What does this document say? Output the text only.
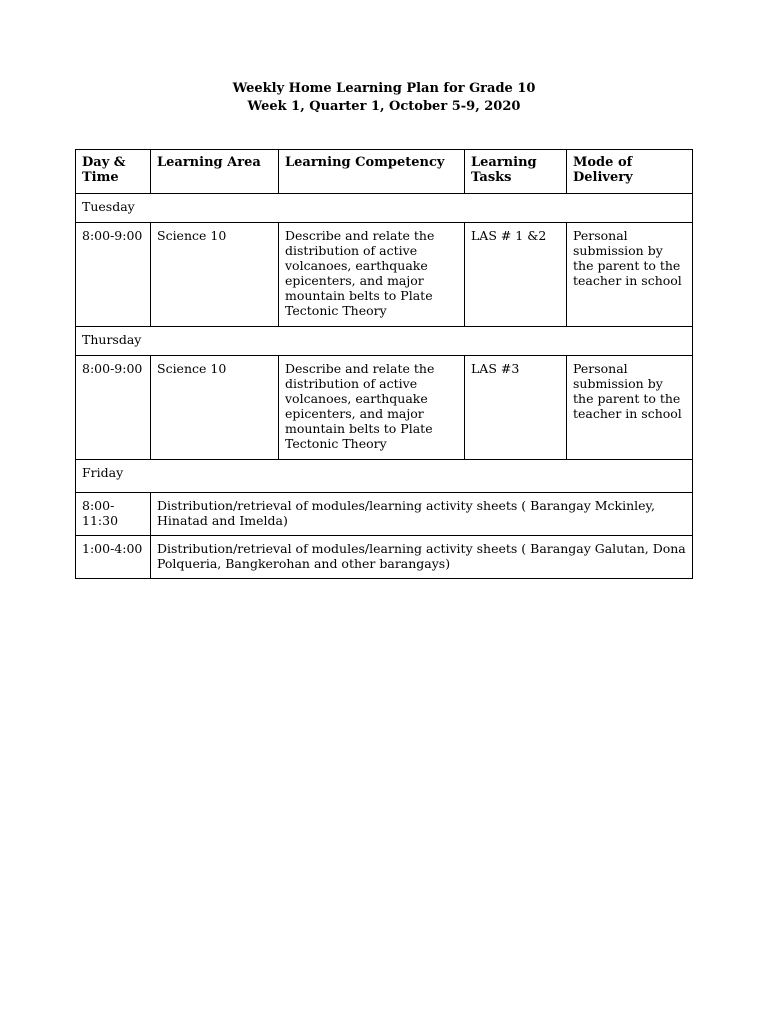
Weekly Home Learning Plan for Grade 10
Week 1, Quarter 1, October 5-9, 2020
Day & Time	Learning Area	Learning Competency	Learning Tasks	Mode of Delivery
Tuesday				
8:00-9:00	Science 10	Describe and relate the distribution of active volcanoes, earthquake epicenters, and major mountain belts to Plate Tectonic Theory	LAS # 1 &2	Personal submission by the parent to the teacher in school
Thursday				
8:00-9:00	Science 10	Describe and relate the distribution of active volcanoes, earthquake epicenters, and major mountain belts to Plate Tectonic Theory	LAS #3	Personal submission by the parent to the teacher in school
Friday				
8:00-11:30	Distribution/retrieval of modules/learning activity sheets ( Barangay Mckinley, Hinatad and Imelda)			
1:00-4:00	Distribution/retrieval of modules/learning activity sheets ( Barangay Galutan, Dona Polqueria, Bangkerohan and other barangays)			
